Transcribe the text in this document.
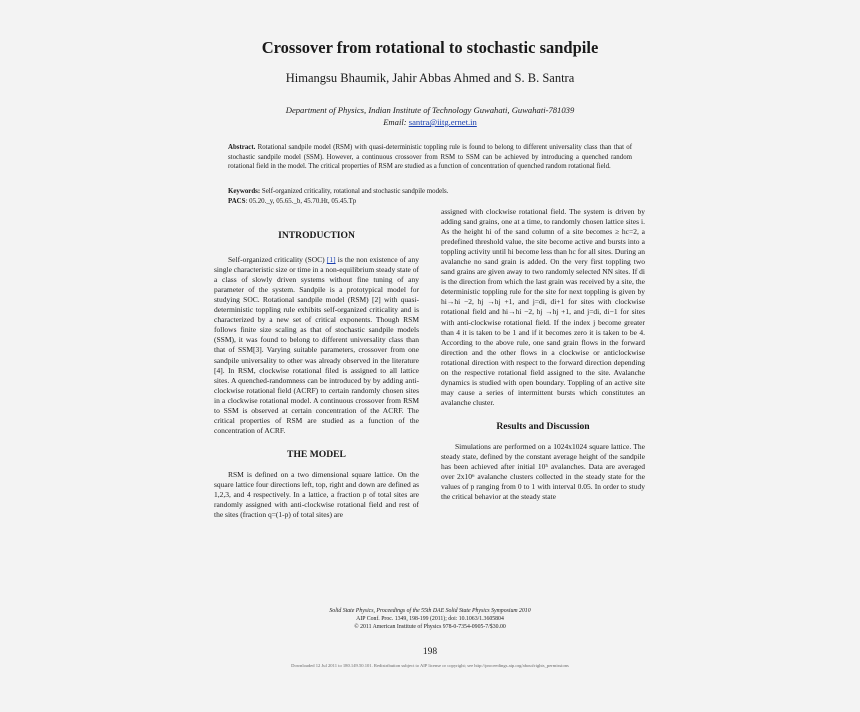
Crossover from rotational to stochastic sandpile
Himangsu Bhaumik, Jahir Abbas Ahmed and S. B. Santra
Department of Physics, Indian Institute of Technology Guwahati, Guwahati-781039
Email: santra@iitg.ernet.in
Abstract. Rotational sandpile model (RSM) with quasi-deterministic toppling rule is found to belong to different universality class than that of stochastic sandpile model (SSM). However, a continuous crossover from RSM to SSM can be achieved by introducing a quenched random rotational field in the model. The critical properties of RSM are studied as a function of concentration of quenched random rotational field.
Keywords: Self-organized criticality, rotational and stochastic sandpile models.
PACS: 05.20._y, 05.65._b, 45.70.Ht, 05.45.Tp
INTRODUCTION

Self-organized criticality (SOC) [1] is the non existence of any single characteristic size or time in a non-equilibrium steady state of a class of slowly driven systems without fine tuning of any parameter of the system. Sandpile is a prototypical model for studying SOC. Rotational sandpile model (RSM) [2] with quasi-deterministic toppling rule exhibits self-organized criticality and is characterized by a new set of critical exponents. Though RSM follows finite size scaling as that of stochastic sandpile models (SSM), it was found to belong to different universality class than that of SSM[3]. Varying suitable parameters, crossover from one sandpile universality to other was already observed in the literature [4]. In RSM, clockwise rotational filed is assigned to all lattice sites. A quenched-randomness can be introduced by by adding anti-clockwise rotational field (ACRF) to certain randomly chosen sites in a clockwise rotational model. A continuous crossover from RSM to SSM is observed at certain concentration of the ACRF. The critical properties of RSM are studied as a function of the concentration of ACRF.

THE MODEL

RSM is defined on a two dimensional square lattice. On the square lattice four directions left, top, right and down are defined as 1,2,3, and 4 respectively. In a lattice, a fraction p of total sites are randomly assigned with anti-clockwise rotational field and rest of the sites (fraction q=(1-p) of total sites) are

assigned with clockwise rotational field. The system is driven by adding sand grains, one at a time, to randomly chosen lattice sites i. As the height hi of the sand column of a site becomes ≥ hc=2, a predefined threshold value, the site become active and bursts into a toppling activity until hi become less than hc for all sites. During an avalanche no sand grain is added. On the very first toppling two sand grains are given away to two randomly selected NN sites. If di is the direction from which the last grain was received by a site, the deterministic toppling rule for the site for next toppling is given by hi→hi −2, hj →hj +1, and j=di, di+1 for sites with clockwise rotational field and hi→hi −2, hj →hj +1, and j=di, di−1 for sites with anti-clockwise rotational field. If the index j become greater than 4 it is taken to be 1 and if it becomes zero it is taken to be 4. According to the above rule, one sand grain flows in the forward direction and the other flows in a clockwise or anticlockwise rotational direction with respect to the forward direction depending on the respective rotational field assigned to the site. Avalanche dynamics is studied with open boundary. Toppling of an active site may cause a series of intermittent bursts which constitutes an avalanche cluster.

Results and Discussion

Simulations are performed on a 1024x1024 square lattice. The steady state, defined by the constant average height of the sandpile has been achieved after initial 10⁵ avalanches. Data are averaged over 2x10⁶ avalanche clusters collected in the steady state for the values of p ranging from 0 to 1 with interval 0.05. In order to study the critical behavior at the steady state

Solid State Physics, Proceedings of the 55th DAE Solid State Physics Symposium 2010
AIP Conf. Proc. 1349, 198-199 (2011); doi: 10.1063/1.3605804
© 2011 American Institute of Physics 978-0-7354-0905-7/$30.00
198
Downloaded 12 Jul 2011 to 180.149.50.101. Redistribution subject to AIP license or copyright; see http://proceedings.aip.org/about/rights_permissions
